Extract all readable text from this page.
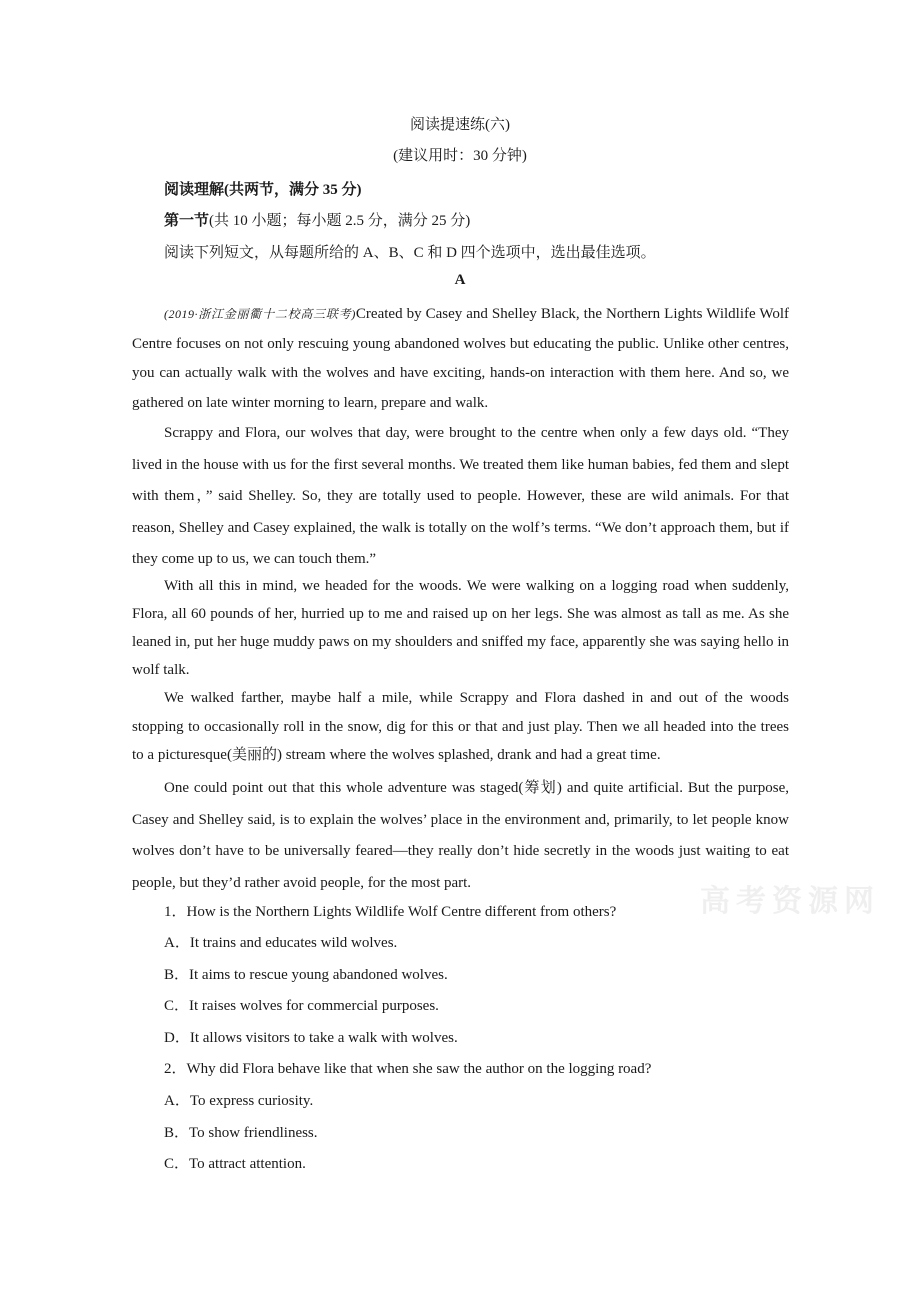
阅读提速练(六)
(建议用时：30 分钟)
阅读理解(共两节，满分 35 分)
第一节(共 10 小题；每小题 2.5 分，满分 25 分)
阅读下列短文，从每题所给的 A、B、C 和 D 四个选项中，选出最佳选项。
A

(2019·浙江金丽衢十二校高三联考)Created by Casey and Shelley Black, the Northern Lights Wildlife Wolf Centre focuses on not only rescuing young abandoned wolves but educating the public. Unlike other centres, you can actually walk with the wolves and have exciting, hands-on interaction with them here. And so, we gathered on late winter morning to learn, prepare and walk.

Scrappy and Flora, our wolves that day, were brought to the centre when only a few days old. “They lived in the house with us for the first several months. We treated them like human babies, fed them and slept with them，” said Shelley. So, they are totally used to people. However, these are wild animals. For that reason, Shelley and Casey explained, the walk is totally on the wolf’s terms. “We don’t approach them, but if they come up to us, we can touch them.”

With all this in mind, we headed for the woods. We were walking on a logging road when suddenly, Flora, all 60 pounds of her, hurried up to me and raised up on her legs. She was almost as tall as me. As she leaned in, put her huge muddy paws on my shoulders and sniffed my face, apparently she was saying hello in wolf talk.

We walked farther, maybe half a mile, while Scrappy and Flora dashed in and out of the woods stopping to occasionally roll in the snow, dig for this or that and just play. Then we all headed into the trees to a picturesque(美丽的) stream where the wolves splashed, drank and had a great time.

One could point out that this whole adventure was staged(筹划) and quite artificial. But the purpose, Casey and Shelley said, is to explain the wolves’ place in the environment and, primarily, to let people know wolves don’t have to be universally feared—they really don’t hide secretly in the woods just waiting to eat people, but they’d rather avoid people, for the most part.

1．How is the Northern Lights Wildlife Wolf Centre different from others?
A．It trains and educates wild wolves.
B．It aims to rescue young abandoned wolves.
C．It raises wolves for commercial purposes.
D．It allows visitors to take a walk with wolves.
2．Why did Flora behave like that when she saw the author on the logging road?
A．To express curiosity.
B．To show friendliness.
C．To attract attention.
高考资源网
